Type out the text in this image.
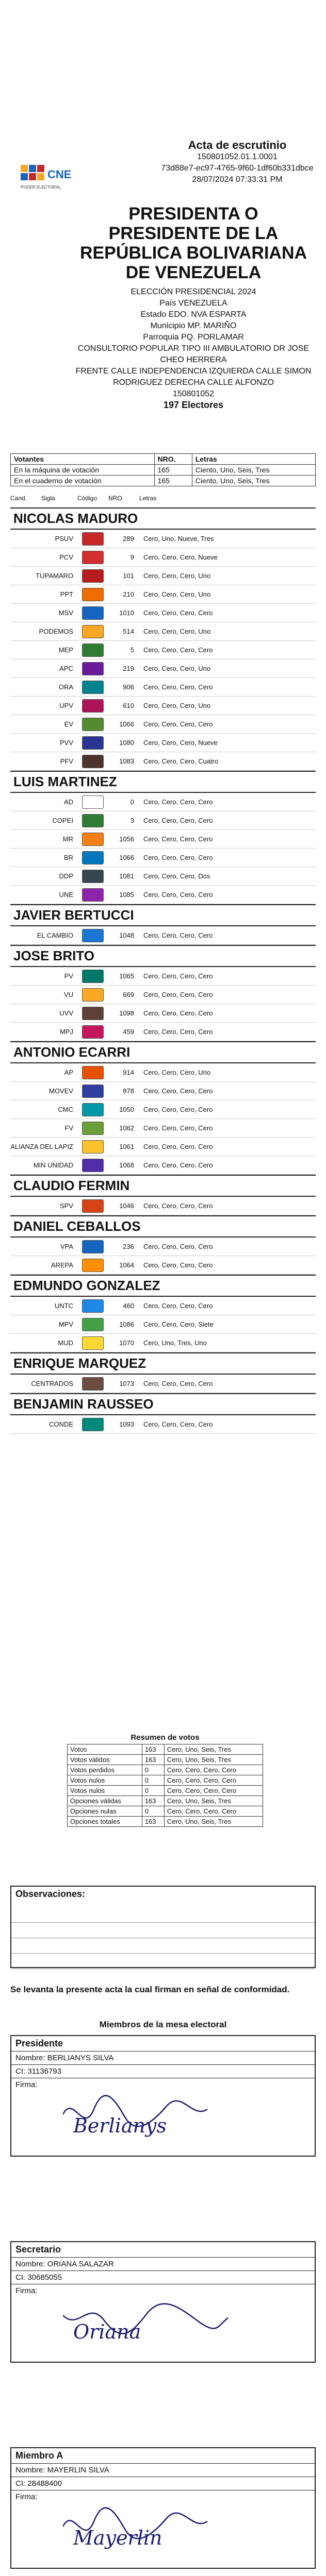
CNE
PODER ELECTORAL
Acta de escrutinio
150801052.01.1.0001
73d88e7-ec97-4765-9f60-1df60b331dbce
28/07/2024 07:33:31 PM
PRESIDENTA O PRESIDENTE DE LA REPÚBLICA BOLIVARIANA DE VENEZUELA
ELECCIÓN PRESIDENCIAL 2024
País VENEZUELA
Estado EDO. NVA ESPARTA
Municipio MP. MARIÑO
Parroquia PQ. PORLAMAR
CONSULTORIO POPULAR TIPO III AMBULATORIO DR JOSE CHEO HERRERA
FRENTE CALLE INDEPENDENCIA IZQUIERDA CALLE SIMON RODRIGUEZ DERECHA CALLE ALFONZO
150801052
197 Electores
Votantes	NRO.	Letras
En la máquina de votación	165	Ciento, Uno, Seis, Tres
En el cuaderno de votación	165	Ciento, Uno, Seis, Tres
Cand.	Sigla	Código	NRO.	Letras
NICOLAS MADURO
PSUV	289	Cero, Uno, Nueve, Tres
PCV	9	Cero, Cero, Cero, Nueve
TUPAMARO	101	Cero, Cero, Cero, Uno
PPT	210	Cero, Cero, Cero, Uno
MSV	1010	Cero, Cero, Cero, Cero
PODEMOS	514	Cero, Cero, Cero, Uno
MEP	5	Cero, Cero, Cero, Cero
APC	219	Cero, Cero, Cero, Uno
ORA	906	Cero, Cero, Cero, Cero
UPV	610	Cero, Cero, Cero, Uno
EV	1066	Cero, Cero, Cero, Cero
PVV	1080	Cero, Cero, Cero, Nueve
PFV	1083	Cero, Cero, Cero, Cuatro
LUIS MARTINEZ
AD	0	Cero, Cero, Cero, Cero
COPEI	3	Cero, Cero, Cero, Cero
MR	1056	Cero, Cero, Cero, Cero
BR	1066	Cero, Cero, Cero, Cero
DDP	1081	Cero, Cero, Cero, Dos
UNE	1085	Cero, Cero, Cero, Cero
JAVIER BERTUCCI
EL CAMBIO	1048	Cero, Cero, Cero, Cero
JOSE BRITO
PV	1065	Cero, Cero, Cero, Cero
VU	669	Cero, Cero, Cero, Cero
UVV	1098	Cero, Cero, Cero, Cero
MPJ	459	Cero, Cero, Cero, Cero
ANTONIO ECARRI
AP	914	Cero, Cero, Cero, Uno
MOVEV	878	Cero, Cero, Cero, Cero
CMC	1050	Cero, Cero, Cero, Cero
FV	1062	Cero, Cero, Cero, Cero
ALIANZA DEL LAPIZ	1061	Cero, Cero, Cero, Cero
MIN UNIDAD	1068	Cero, Cero, Cero, Cero
CLAUDIO FERMIN
SPV	1046	Cero, Cero, Cero, Cero
DANIEL CEBALLOS
VPA	236	Cero, Cero, Cero, Cero
AREPA	1064	Cero, Cero, Cero, Cero
EDMUNDO GONZALEZ
UNTC	460	Cero, Cero, Cero, Cero
MPV	1086	Cero, Cero, Cero, Siete
MUD	1070	Cero, Uno, Tres, Uno
ENRIQUE MARQUEZ
CENTRADOS	1073	Cero, Cero, Cero, Cero
BENJAMIN RAUSSEO
CONDE	1093	Cero, Cero, Cero, Cero
Resumen de votos
Votos	163	Cero, Uno, Seis, Tres
Votos válidos	163	Cero, Uno, Seis, Tres
Votos perdidos	0	Cero, Cero, Cero, Cero
Votos nulos	0	Cero, Cero, Cero, Cero
Votos nulos	0	Cero, Cero, Cero, Cero
Opciones válidas	163	Cero, Uno, Seis, Tres
Opciones nulas	0	Cero, Cero, Cero, Cero
Opciones totales	163	Cero, Uno, Seis, Tres
Observaciones:
Se levanta la presente acta la cual firman en señal de conformidad.
Miembros de la mesa electoral
Presidente
Nombre: BERLIANYS SILVA
CI: 31136793
Firma:
Berlianys
Secretario
Nombre: ORIANA SALAZAR
CI: 30685055
Firma:
Oriana
Miembro A
Nombre: MAYERLIN SILVA
CI: 28488400
Firma:
Mayerlin
